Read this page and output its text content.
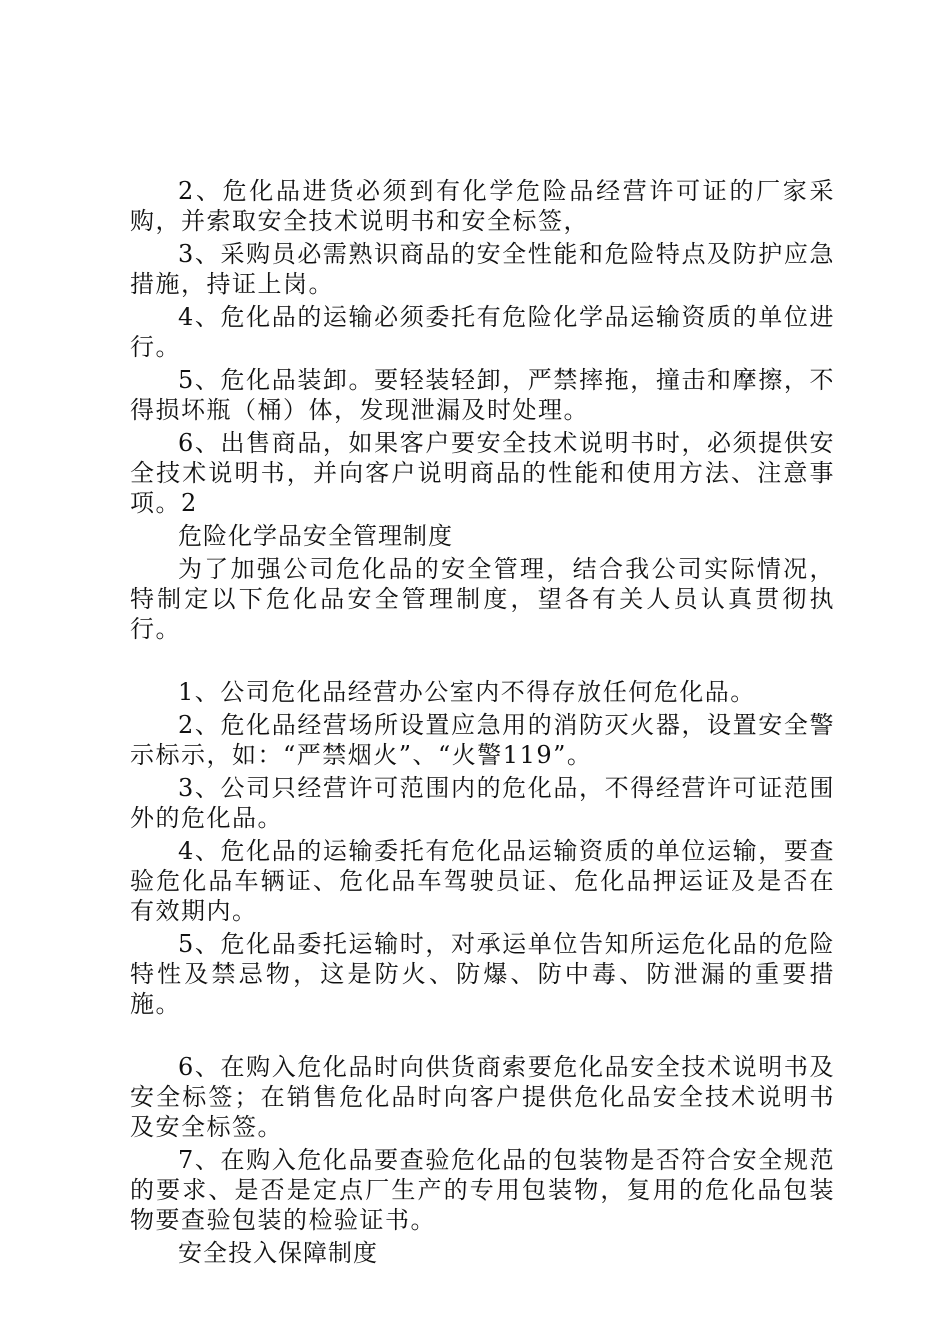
2、危化品进货必须到有化学危险品经营许可证的厂家采购，并索取安全技术说明书和安全标签，

3、采购员必需熟识商品的安全性能和危险特点及防护应急措施，持证上岗。

4、危化品的运输必须委托有危险化学品运输资质的单位进行。

5、危化品装卸。要轻装轻卸，严禁摔拖，撞击和摩擦，不得损坏瓶（桶）体，发现泄漏及时处理。

6、出售商品，如果客户要安全技术说明书时，必须提供安全技术说明书，并向客户说明商品的性能和使用方法、注意事项。2

危险化学品安全管理制度

为了加强公司危化品的安全管理，结合我公司实际情况，特制定以下危化品安全管理制度，望各有关人员认真贯彻执行。

1、公司危化品经营办公室内不得存放任何危化品。

2、危化品经营场所设置应急用的消防灭火器，设置安全警示标示，如：“严禁烟火”、“火警119”。

3、公司只经营许可范围内的危化品，不得经营许可证范围外的危化品。

4、危化品的运输委托有危化品运输资质的单位运输，要查验危化品车辆证、危化品车驾驶员证、危化品押运证及是否在有效期内。

5、危化品委托运输时，对承运单位告知所运危化品的危险特性及禁忌物，这是防火、防爆、防中毒、防泄漏的重要措施。

6、在购入危化品时向供货商索要危化品安全技术说明书及安全标签；在销售危化品时向客户提供危化品安全技术说明书及安全标签。

7、在购入危化品要查验危化品的包装物是否符合安全规范的要求、是否是定点厂生产的专用包装物，复用的危化品包装物要查验包装的检验证书。

安全投入保障制度
